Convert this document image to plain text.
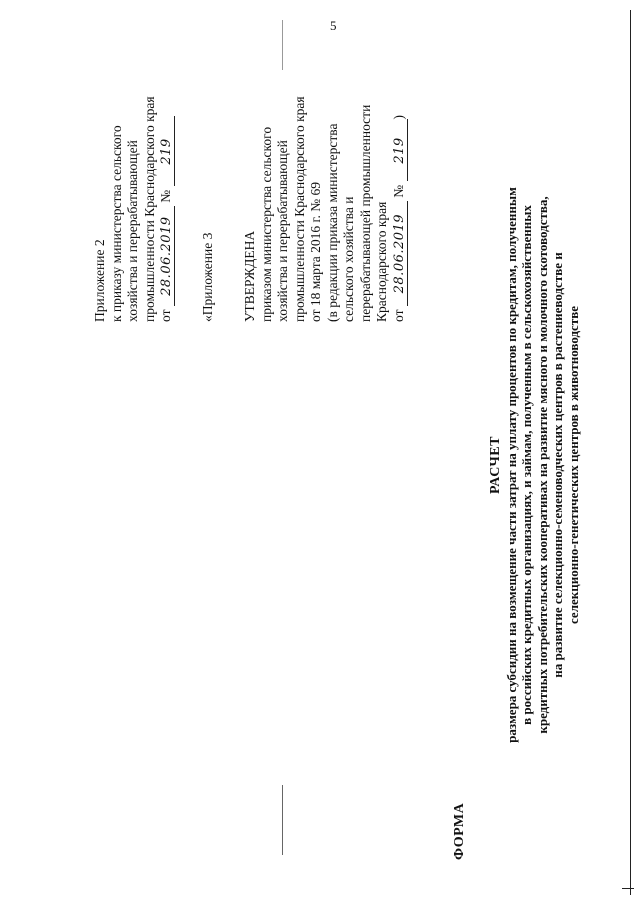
5
Приложение 2 к приказу министерства сельского хозяйства и перерабатывающей промышленности Краснодарского края от 28.06.2019 № 219
«Приложение 3 УТВЕРЖДЕНА приказом министерства сельского хозяйства и перерабатывающей промышленности Краснодарского края от 18 марта 2016 г. № 69 (в редакции приказа министерства сельского хозяйства и перерабатывающей промышленности Краснодарского края от 28.06.2019 № 219)
РАСЧЕТ размера субсидии на возмещение части затрат на уплату процентов по кредитам, полученным в российских кредитных организациях, и займам, полученным в сельскохозяйственных кредитных потребительских кооперативах на развитие мясного и молочного скотоводства, на развитие селекционно-семеноводческих центров в растениеводстве и селекционно-генетических центров в животноводстве
ФОРМА
